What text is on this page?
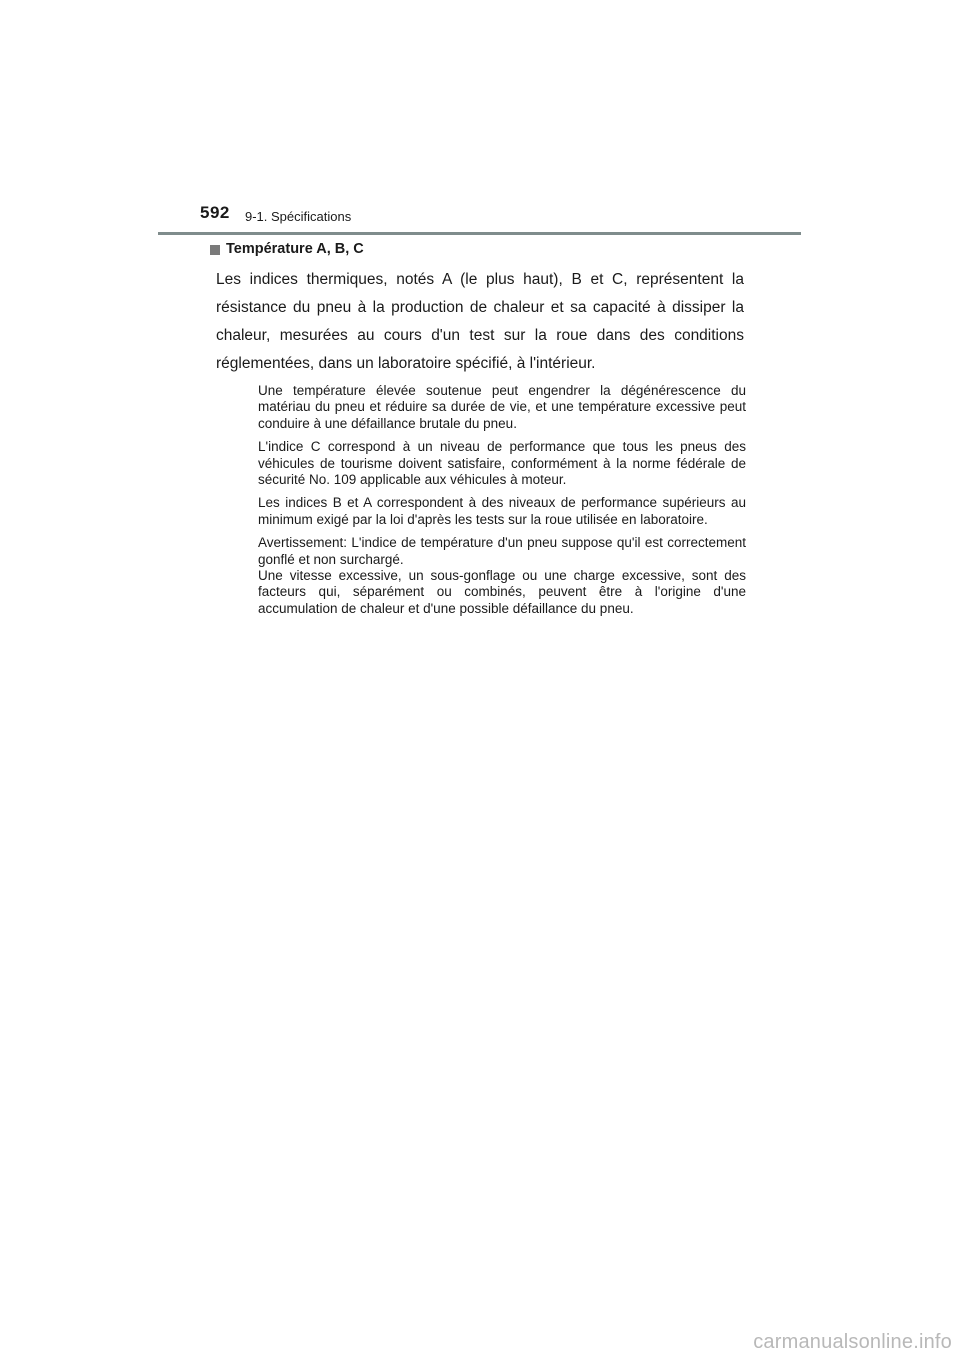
592 9-1. Spécifications
Température A, B, C

Les indices thermiques, notés A (le plus haut), B et C, représentent la résistance du pneu à la production de chaleur et sa capacité à dissiper la chaleur, mesurées au cours d'un test sur la roue dans des conditions réglementées, dans un laboratoire spécifié, à l'intérieur.

Une température élevée soutenue peut engendrer la dégénérescence du matériau du pneu et réduire sa durée de vie, et une température excessive peut conduire à une défaillance brutale du pneu.

L'indice C correspond à un niveau de performance que tous les pneus des véhicules de tourisme doivent satisfaire, conformément à la norme fédérale de sécurité No. 109 applicable aux véhicules à moteur.

Les indices B et A correspondent à des niveaux de performance supérieurs au minimum exigé par la loi d'après les tests sur la roue utilisée en laboratoire.

Avertissement: L'indice de température d'un pneu suppose qu'il est correctement gonflé et non surchargé.
Une vitesse excessive, un sous-gonflage ou une charge excessive, sont des facteurs qui, séparément ou combinés, peuvent être à l'origine d'une accumulation de chaleur et d'une possible défaillance du pneu.

carmanualsonline.info
